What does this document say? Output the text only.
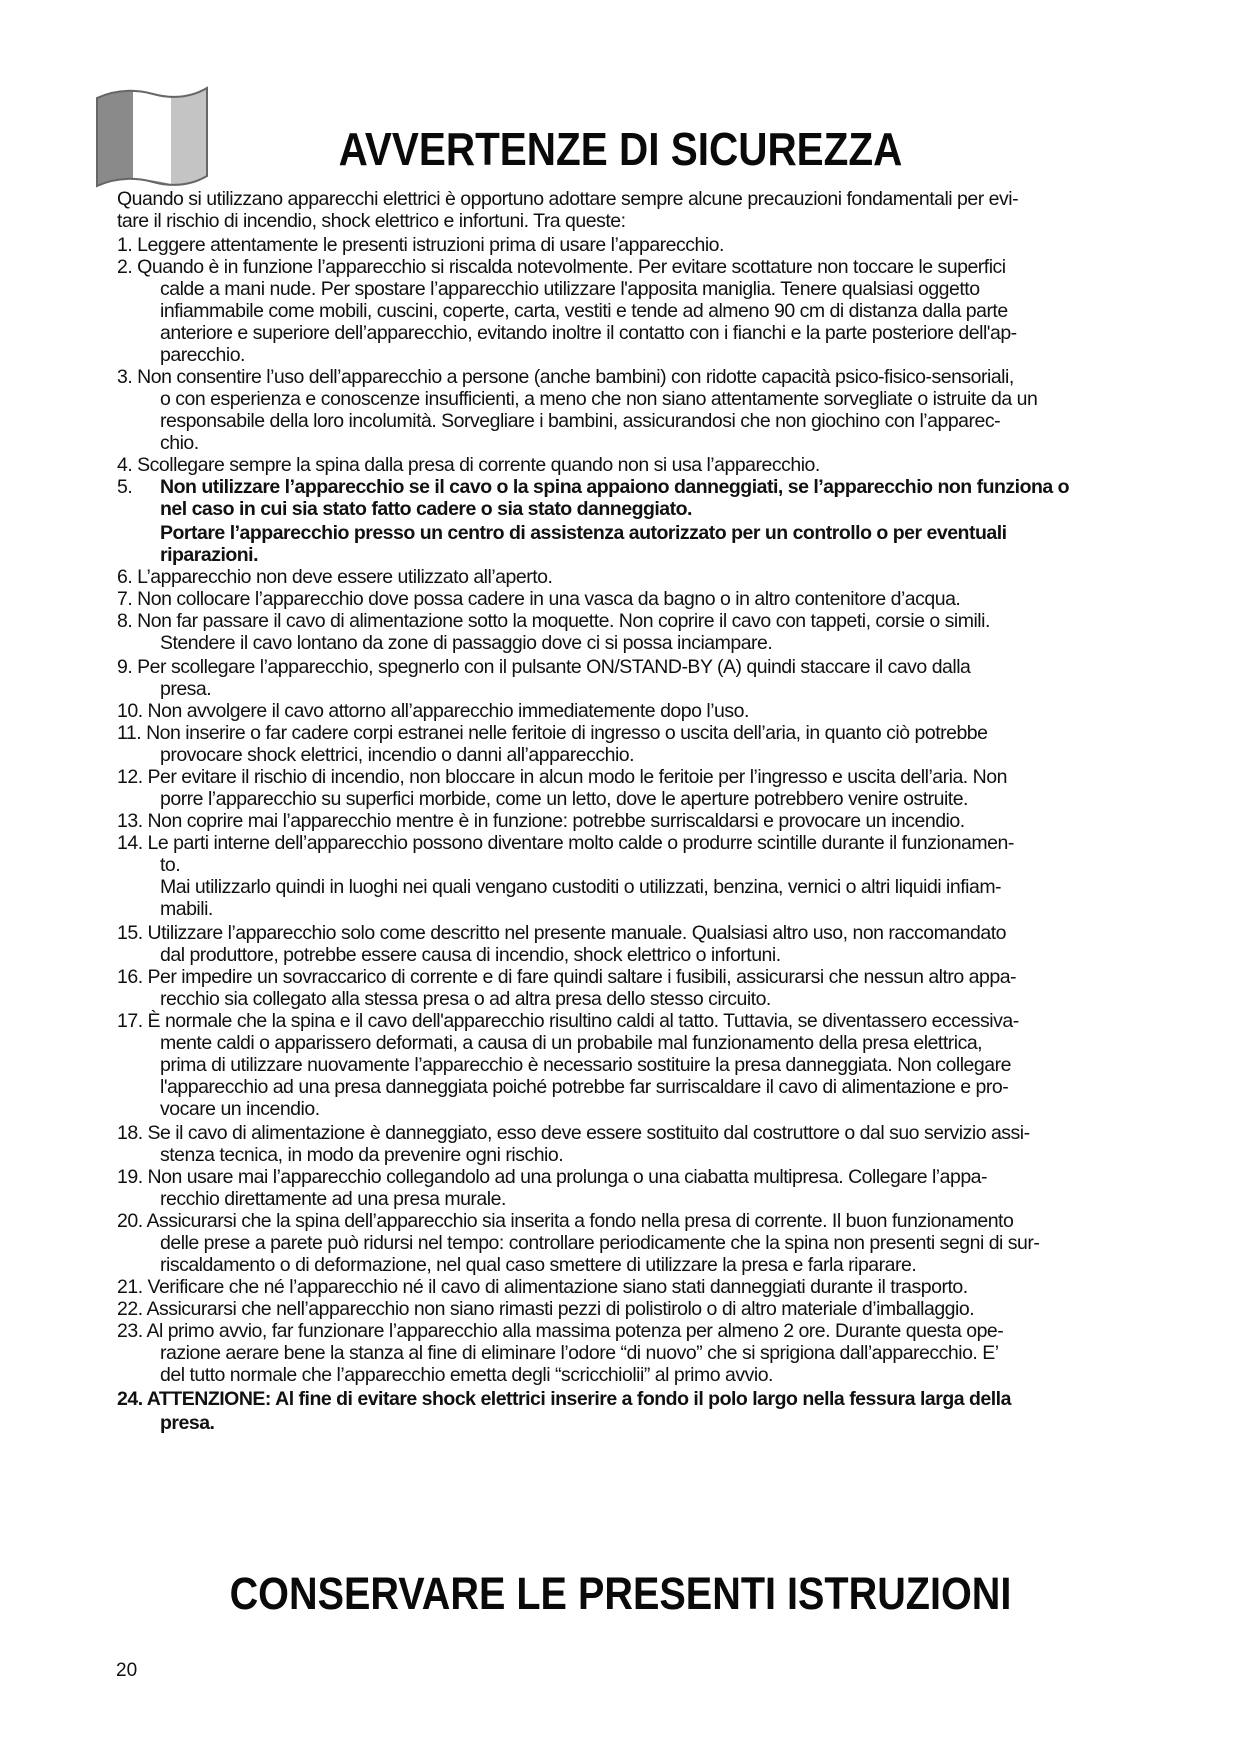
AVVERTENZE DI SICUREZZA
Quando si utilizzano apparecchi elettrici è opportuno adottare sempre alcune precauzioni fondamentali per evi-
tare il rischio di incendio, shock elettrico e infortuni. Tra queste:
1. Leggere attentamente le presenti istruzioni prima di usare l’apparecchio.
2. Quando è in funzione l’apparecchio si riscalda notevolmente. Per evitare scottature non toccare le superfici
calde a mani nude. Per spostare l’apparecchio utilizzare l'apposita maniglia. Tenere qualsiasi oggetto
infiammabile come mobili, cuscini, coperte, carta, vestiti e tende ad almeno 90 cm di distanza dalla parte
anteriore e superiore dell’apparecchio, evitando inoltre il contatto con i fianchi e la parte posteriore dell'ap-
parecchio.
3. Non consentire l’uso dell’apparecchio a persone (anche bambini) con ridotte capacità psico-fisico-sensoriali,
o con esperienza e conoscenze insufficienti, a meno che non siano attentamente sorvegliate o istruite da un
responsabile della loro incolumità. Sorvegliare i bambini, assicurandosi che non giochino con l’apparec-
chio.
4. Scollegare sempre la spina dalla presa di corrente quando non si usa l’apparecchio.
5. Non utilizzare l’apparecchio se il cavo o la spina appaiono danneggiati, se l’apparecchio non funziona o
nel caso in cui sia stato fatto cadere o sia stato danneggiato.
Portare l’apparecchio presso un centro di assistenza autorizzato per un controllo o per eventuali
riparazioni.
6. L’apparecchio non deve essere utilizzato all’aperto.
7. Non collocare l’apparecchio dove possa cadere in una vasca da bagno o in altro contenitore d’acqua.
8. Non far passare il cavo di alimentazione sotto la moquette. Non coprire il cavo con tappeti, corsie o simili.
Stendere il cavo lontano da zone di passaggio dove ci si possa inciampare.
9. Per scollegare l’apparecchio, spegnerlo con il pulsante ON/STAND-BY (A) quindi staccare il cavo dalla
presa.
10. Non avvolgere il cavo attorno all’apparecchio immediatemente dopo l’uso.
11. Non inserire o far cadere corpi estranei nelle feritoie di ingresso o uscita dell’aria, in quanto ciò potrebbe
provocare shock elettrici, incendio o danni all’apparecchio.
12. Per evitare il rischio di incendio, non bloccare in alcun modo le feritoie per l’ingresso e uscita dell’aria. Non
porre l’apparecchio su superfici morbide, come un letto, dove le aperture potrebbero venire ostruite.
13. Non coprire mai l’apparecchio mentre è in funzione: potrebbe surriscaldarsi e provocare un incendio.
14. Le parti interne dell’apparecchio possono diventare molto calde o produrre scintille durante il funzionamen-
to.
Mai utilizzarlo quindi in luoghi nei quali vengano custoditi o utilizzati, benzina, vernici o altri liquidi infiam-
mabili.
15. Utilizzare l’apparecchio solo come descritto nel presente manuale. Qualsiasi altro uso, non raccomandato
dal produttore, potrebbe essere causa di incendio, shock elettrico o infortuni.
16. Per impedire un sovraccarico di corrente e di fare quindi saltare i fusibili, assicurarsi che nessun altro appa-
recchio sia collegato alla stessa presa o ad altra presa dello stesso circuito.
17. È normale che la spina e il cavo dell'apparecchio risultino caldi al tatto. Tuttavia, se diventassero eccessiva-
mente caldi o apparissero deformati, a causa di un probabile mal funzionamento della presa elettrica,
prima di utilizzare nuovamente l’apparecchio è necessario sostituire la presa danneggiata. Non collegare
l'apparecchio ad una presa danneggiata poiché potrebbe far surriscaldare il cavo di alimentazione e pro-
vocare un incendio.
18. Se il cavo di alimentazione è danneggiato, esso deve essere sostituito dal costruttore o dal suo servizio assi-
stenza tecnica, in modo da prevenire ogni rischio.
19. Non usare mai l’apparecchio collegandolo ad una prolunga o una ciabatta multipresa. Collegare l’appa-
recchio direttamente ad una presa murale.
20. Assicurarsi che la spina dell’apparecchio sia inserita a fondo nella presa di corrente. Il buon funzionamento
delle prese a parete può ridursi nel tempo: controllare periodicamente che la spina non presenti segni di sur-
riscaldamento o di deformazione, nel qual caso smettere di utilizzare la presa e farla riparare.
21. Verificare che né l’apparecchio né il cavo di alimentazione siano stati danneggiati durante il trasporto.
22. Assicurarsi che nell’apparecchio non siano rimasti pezzi di polistirolo o di altro materiale d’imballaggio.
23. Al primo avvio, far funzionare l’apparecchio alla massima potenza per almeno 2 ore. Durante questa ope-
razione aerare bene la stanza al fine di eliminare l’odore “di nuovo” che si sprigiona dall’apparecchio. E’
del tutto normale che l’apparecchio emetta degli “scricchiolii” al primo avvio.
24. ATTENZIONE: Al fine di evitare shock elettrici inserire a fondo il polo largo nella fessura larga della
presa.
CONSERVARE LE PRESENTI ISTRUZIONI
20
